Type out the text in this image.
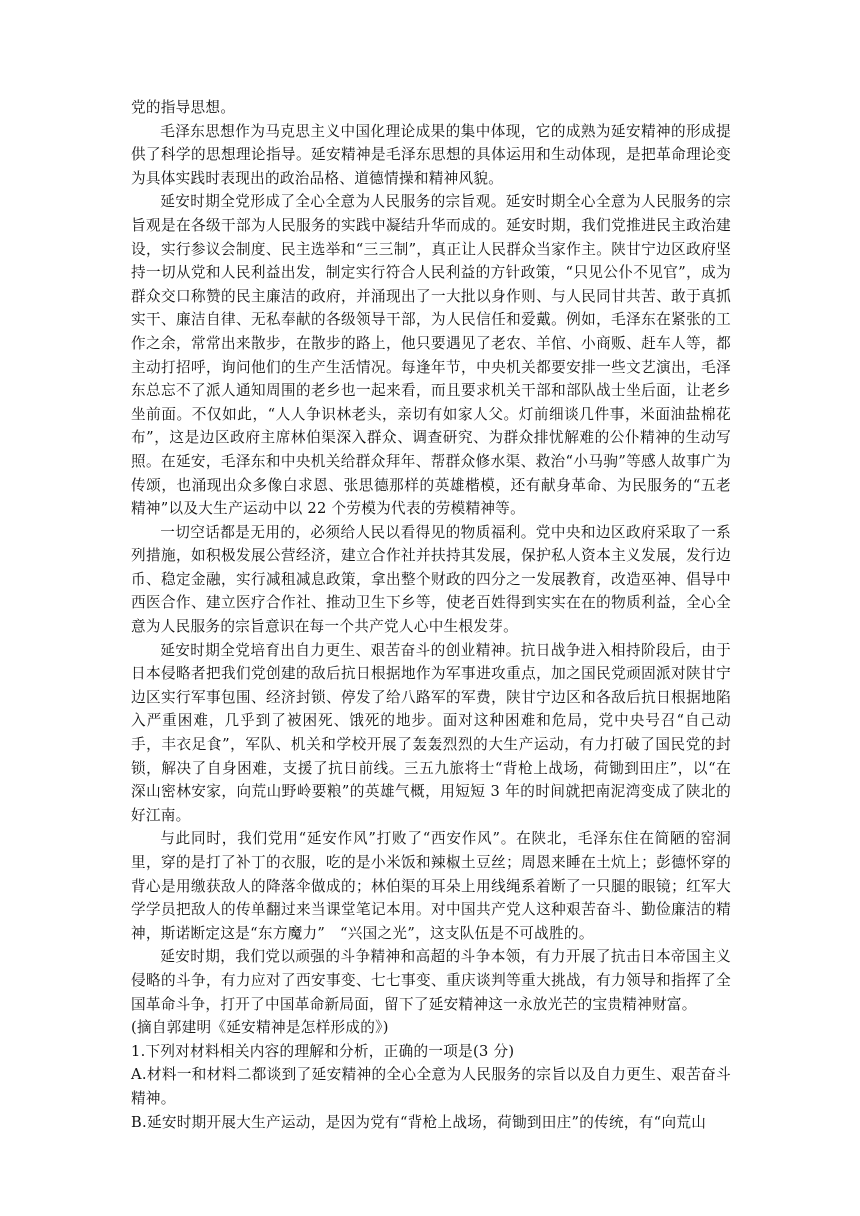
党的指导思想。

毛泽东思想作为马克思主义中国化理论成果的集中体现，它的成熟为延安精神的形成提供了科学的思想理论指导。延安精神是毛泽东思想的具体运用和生动体现，是把革命理论变为具体实践时表现出的政治品格、道德情操和精神风貌。

延安时期全党形成了全心全意为人民服务的宗旨观。延安时期全心全意为人民服务的宗旨观是在各级干部为人民服务的实践中凝结升华而成的。延安时期，我们党推进民主政治建设，实行参议会制度、民主选举和“三三制”，真正让人民群众当家作主。陕甘宁边区政府坚持一切从党和人民利益出发，制定实行符合人民利益的方针政策，“只见公仆不见官”，成为群众交口称赞的民主廉洁的政府，并涌现出了一大批以身作则、与人民同甘共苦、敢于真抓实干、廉洁自律、无私奉献的各级领导干部，为人民信任和爱戴。例如，毛泽东在紧张的工作之余，常常出来散步，在散步的路上，他只要遇见了老农、羊倌、小商贩、赶车人等，都主动打招呼，询问他们的生产生活情况。每逢年节，中央机关都要安排一些文艺演出，毛泽东总忘不了派人通知周围的老乡也一起来看，而且要求机关干部和部队战士坐后面，让老乡坐前面。不仅如此，“人人争识林老头，亲切有如家人父。灯前细谈几件事，米面油盐棉花布”，这是边区政府主席林伯渠深入群众、调查研究、为群众排忧解难的公仆精神的生动写照。在延安，毛泽东和中央机关给群众拜年、帮群众修水渠、救治“小马驹”等感人故事广为传颂，也涌现出众多像白求恩、张思德那样的英雄楷模，还有献身革命、为民服务的“五老精神”以及大生产运动中以 22 个劳模为代表的劳模精神等。

一切空话都是无用的，必须给人民以看得见的物质福利。党中央和边区政府采取了一系列措施，如积极发展公营经济，建立合作社并扶持其发展，保护私人资本主义发展，发行边币、稳定金融，实行减租减息政策，拿出整个财政的四分之一发展教育，改造巫神、倡导中西医合作、建立医疗合作社、推动卫生下乡等，使老百姓得到实实在在的物质利益，全心全意为人民服务的宗旨意识在每一个共产党人心中生根发芽。

延安时期全党培育出自力更生、艰苦奋斗的创业精神。抗日战争进入相持阶段后，由于日本侵略者把我们党创建的敌后抗日根据地作为军事进攻重点，加之国民党顽固派对陕甘宁边区实行军事包围、经济封锁、停发了给八路军的军费，陕甘宁边区和各敌后抗日根据地陷入严重困难，几乎到了被困死、饿死的地步。面对这种困难和危局，党中央号召“自己动手，丰衣足食”，军队、机关和学校开展了轰轰烈烈的大生产运动，有力打破了国民党的封锁，解决了自身困难，支援了抗日前线。三五九旅将士“背枪上战场，荷锄到田庄”，以“在深山密林安家，向荒山野岭要粮”的英雄气概，用短短 3 年的时间就把南泥湾变成了陕北的好江南。

与此同时，我们党用“延安作风”打败了“西安作风”。在陕北，毛泽东住在简陋的窑洞里，穿的是打了补丁的衣服，吃的是小米饭和辣椒土豆丝；周恩来睡在土炕上；彭德怀穿的背心是用缴获敌人的降落伞做成的；林伯渠的耳朵上用线绳系着断了一只腿的眼镜；红军大学学员把敌人的传单翻过来当课堂笔记本用。对中国共产党人这种艰苦奋斗、勤俭廉洁的精神，斯诺断定这是“东方魔力”　“兴国之光”，这支队伍是不可战胜的。

延安时期，我们党以顽强的斗争精神和高超的斗争本领，有力开展了抗击日本帝国主义侵略的斗争，有力应对了西安事变、七七事变、重庆谈判等重大挑战，有力领导和指挥了全国革命斗争，打开了中国革命新局面，留下了延安精神这一永放光芒的宝贵精神财富。

(摘自郭建明《延安精神是怎样形成的》)

1.下列对材料相关内容的理解和分析，正确的一项是(3 分)

A.材料一和材料二都谈到了延安精神的全心全意为人民服务的宗旨以及自力更生、艰苦奋斗精神。

B.延安时期开展大生产运动，是因为党有“背枪上战场，荷锄到田庄”的传统，有“向荒山
